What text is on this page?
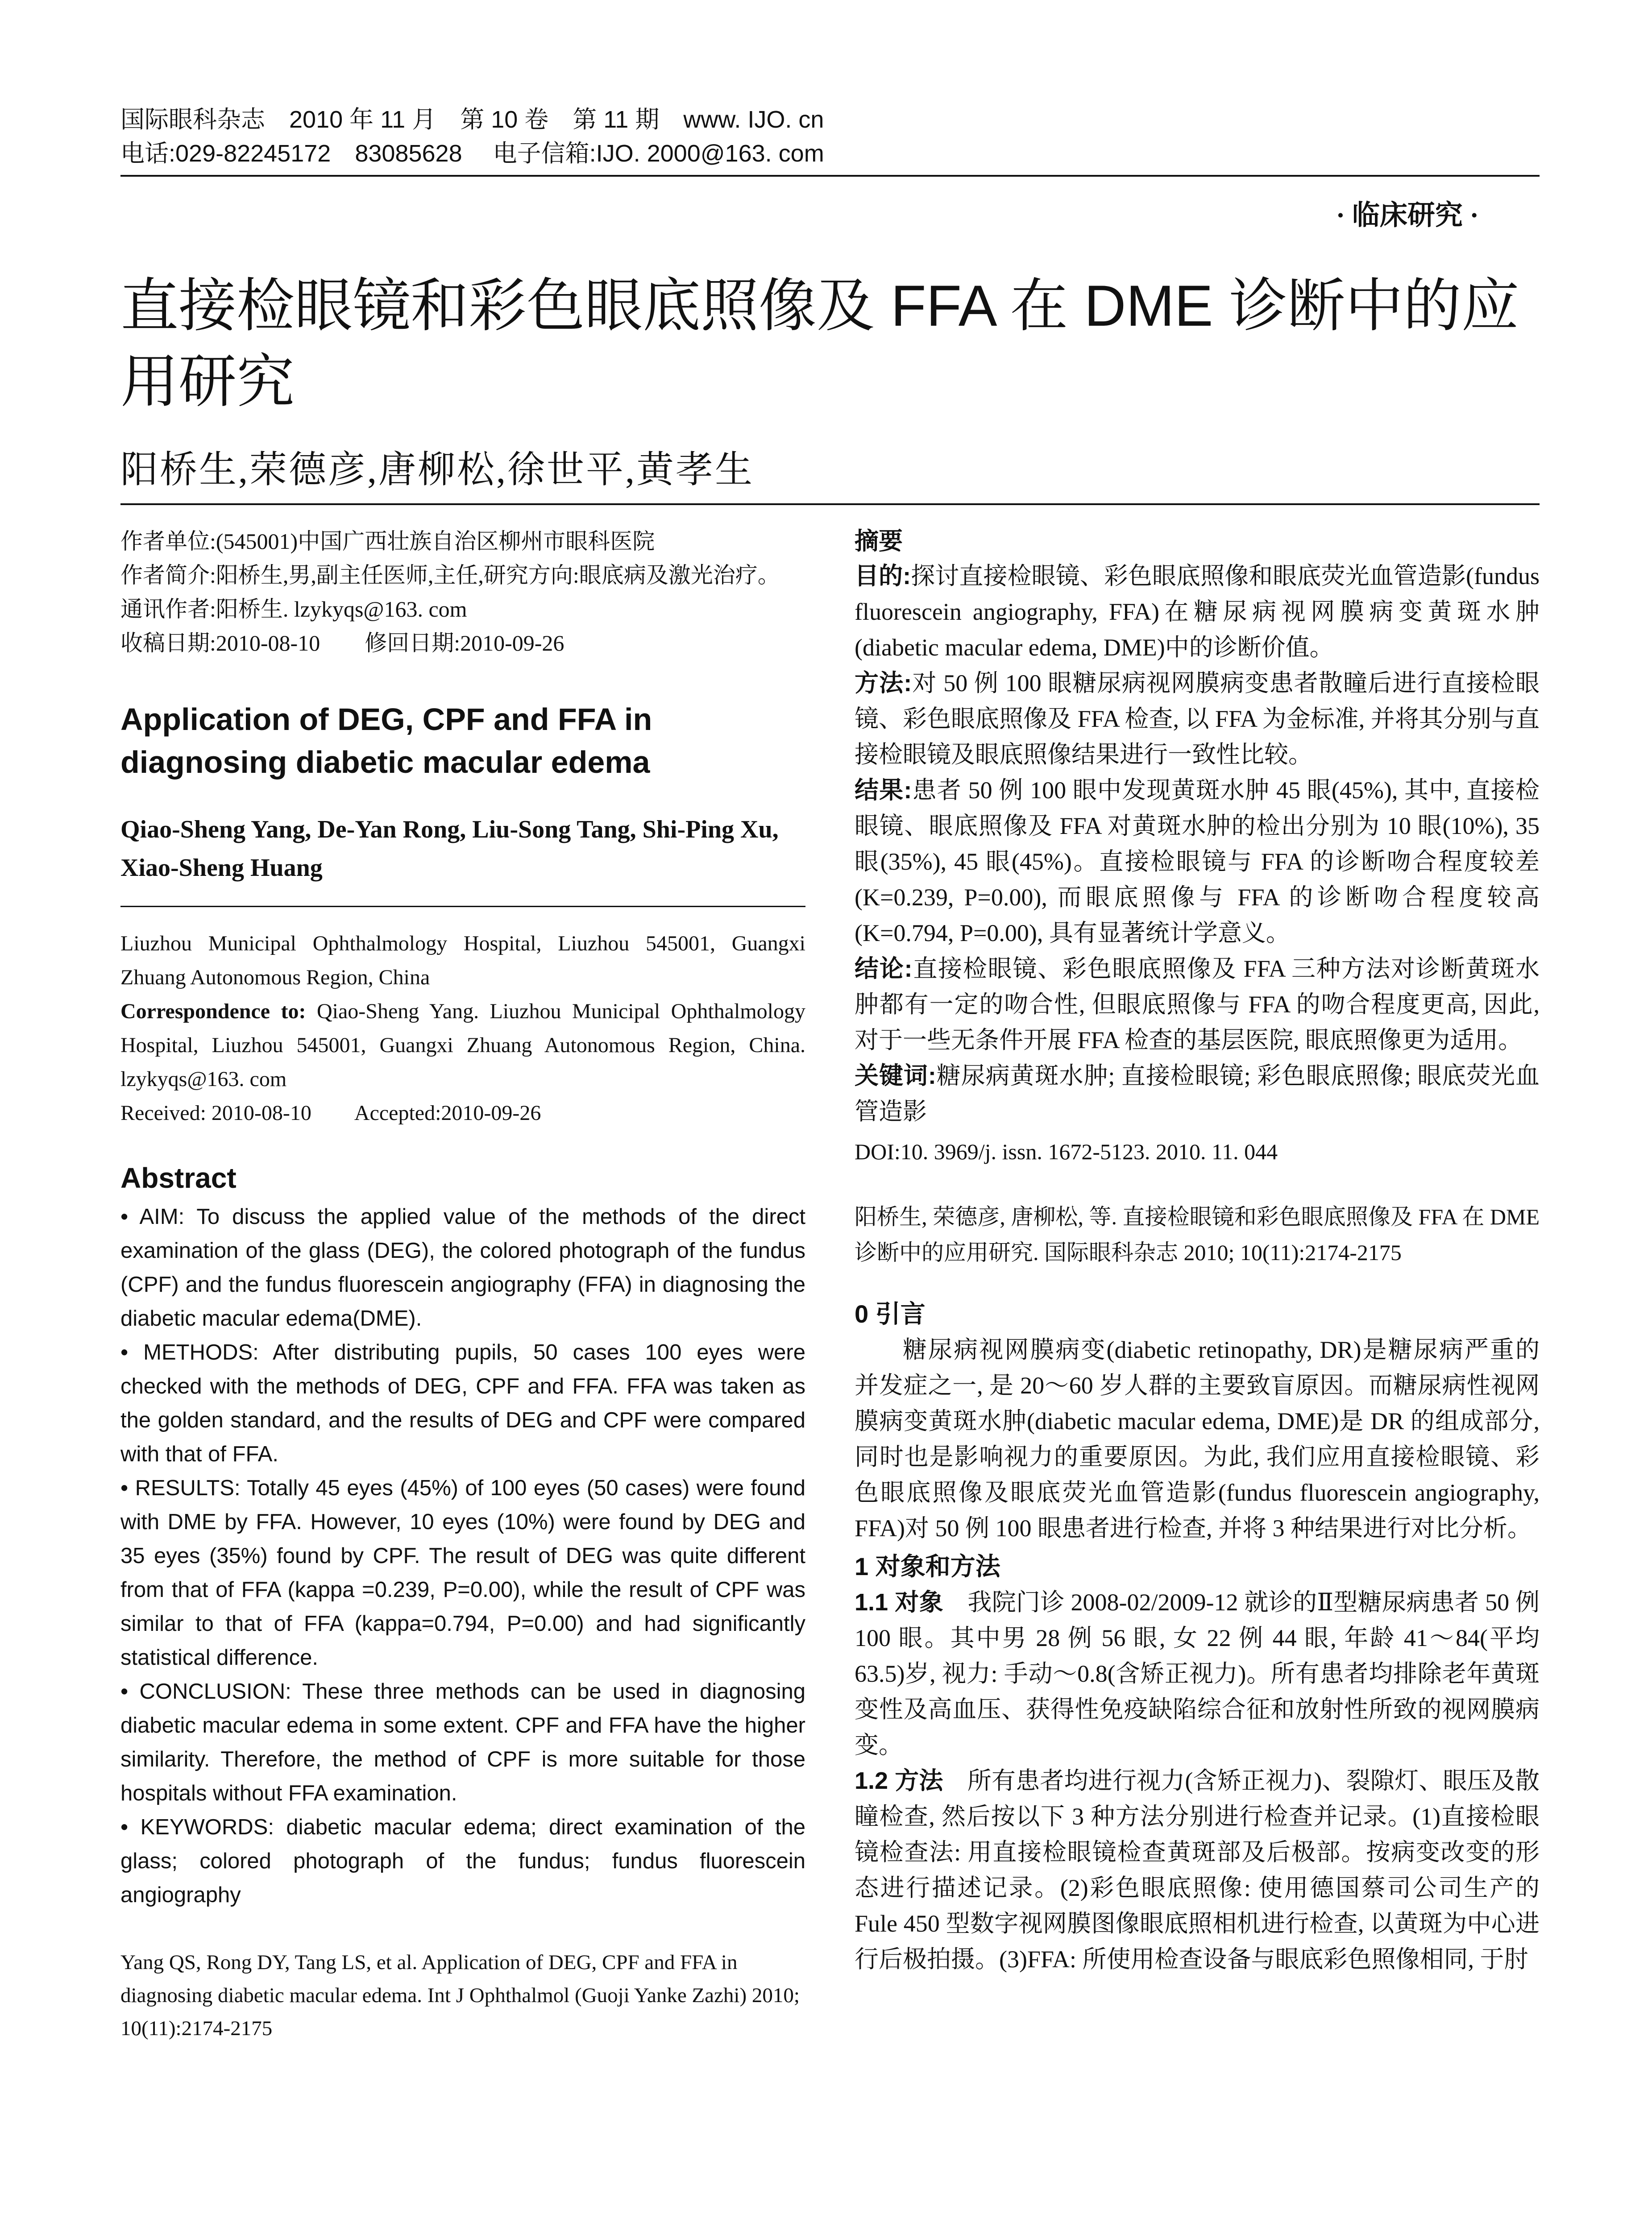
国际眼科杂志　2010 年 11 月　第 10 卷　第 11 期　www. IJO. cn
电话:029-82245172　83085628　 电子信箱:IJO. 2000@163. com
· 临床研究 ·
直接检眼镜和彩色眼底照像及 FFA 在 DME 诊断中的应用研究
阳桥生,荣德彦,唐柳松,徐世平,黄孝生

作者单位:(545001)中国广西壮族自治区柳州市眼科医院

作者简介:阳桥生,男,副主任医师,主任,研究方向:眼底病及激光治疗。

通讯作者:阳桥生. lzykyqs@163. com

收稿日期:2010-08-10　　修回日期:2010-09-26

Application of DEG, CPF and FFA in diagnosing diabetic macular edema
Qiao-Sheng Yang, De-Yan Rong, Liu-Song Tang, Shi-Ping Xu, Xiao-Sheng Huang

Liuzhou Municipal Ophthalmology Hospital, Liuzhou 545001, Guangxi Zhuang Autonomous Region, China

Correspondence to: Qiao-Sheng Yang. Liuzhou Municipal Ophthalmology Hospital, Liuzhou 545001, Guangxi Zhuang Autonomous Region, China. lzykyqs@163. com

Received: 2010-08-10　　Accepted:2010-09-26

Abstract

• AIM: To discuss the applied value of the methods of the direct examination of the glass (DEG), the colored photograph of the fundus (CPF) and the fundus fluorescein angiography (FFA) in diagnosing the diabetic macular edema(DME).

• METHODS: After distributing pupils, 50 cases 100 eyes were checked with the methods of DEG, CPF and FFA. FFA was taken as the golden standard, and the results of DEG and CPF were compared with that of FFA.

• RESULTS: Totally 45 eyes (45%) of 100 eyes (50 cases) were found with DME by FFA. However, 10 eyes (10%) were found by DEG and 35 eyes (35%) found by CPF. The result of DEG was quite different from that of FFA (kappa =0.239, P=0.00), while the result of CPF was similar to that of FFA (kappa=0.794, P=0.00) and had significantly statistical difference.

• CONCLUSION: These three methods can be used in diagnosing diabetic macular edema in some extent. CPF and FFA have the higher similarity. Therefore, the method of CPF is more suitable for those hospitals without FFA examination.

• KEYWORDS: diabetic macular edema; direct examination of the glass; colored photograph of the fundus; fundus fluorescein angiography

Yang QS, Rong DY, Tang LS, et al. Application of DEG, CPF and FFA in diagnosing diabetic macular edema. Int J Ophthalmol (Guoji Yanke Zazhi) 2010; 10(11):2174-2175
摘要

目的:探讨直接检眼镜、彩色眼底照像和眼底荧光血管造影(fundus fluorescein angiography, FFA)在糖尿病视网膜病变黄斑水肿(diabetic macular edema, DME)中的诊断价值。

方法:对 50 例 100 眼糖尿病视网膜病变患者散瞳后进行直接检眼镜、彩色眼底照像及 FFA 检查, 以 FFA 为金标准, 并将其分别与直接检眼镜及眼底照像结果进行一致性比较。

结果:患者 50 例 100 眼中发现黄斑水肿 45 眼(45%), 其中, 直接检眼镜、眼底照像及 FFA 对黄斑水肿的检出分别为 10 眼(10%), 35 眼(35%), 45 眼(45%)。直接检眼镜与 FFA 的诊断吻合程度较差(K=0.239, P=0.00), 而眼底照像与 FFA 的诊断吻合程度较高(K=0.794, P=0.00), 具有显著统计学意义。

结论:直接检眼镜、彩色眼底照像及 FFA 三种方法对诊断黄斑水肿都有一定的吻合性, 但眼底照像与 FFA 的吻合程度更高, 因此, 对于一些无条件开展 FFA 检查的基层医院, 眼底照像更为适用。

关键词:糖尿病黄斑水肿; 直接检眼镜; 彩色眼底照像; 眼底荧光血管造影

DOI:10. 3969/j. issn. 1672-5123. 2010. 11. 044
阳桥生, 荣德彦, 唐柳松, 等. 直接检眼镜和彩色眼底照像及 FFA 在 DME 诊断中的应用研究. 国际眼科杂志 2010; 10(11):2174-2175
0 引言

糖尿病视网膜病变(diabetic retinopathy, DR)是糖尿病严重的并发症之一, 是 20～60 岁人群的主要致盲原因。而糖尿病性视网膜病变黄斑水肿(diabetic macular edema, DME)是 DR 的组成部分, 同时也是影响视力的重要原因。为此, 我们应用直接检眼镜、彩色眼底照像及眼底荧光血管造影(fundus fluorescein angiography, FFA)对 50 例 100 眼患者进行检查, 并将 3 种结果进行对比分析。

1 对象和方法

1.1 对象　我院门诊 2008-02/2009-12 就诊的Ⅱ型糖尿病患者 50 例 100 眼。其中男 28 例 56 眼, 女 22 例 44 眼, 年龄 41～84(平均 63.5)岁, 视力: 手动～0.8(含矫正视力)。所有患者均排除老年黄斑变性及高血压、获得性免疫缺陷综合征和放射性所致的视网膜病变。

1.2 方法　所有患者均进行视力(含矫正视力)、裂隙灯、眼压及散瞳检查, 然后按以下 3 种方法分别进行检查并记录。(1)直接检眼镜检查法: 用直接检眼镜检查黄斑部及后极部。按病变改变的形态进行描述记录。(2)彩色眼底照像: 使用德国蔡司公司生产的 Fule 450 型数字视网膜图像眼底照相机进行检查, 以黄斑为中心进行后极拍摄。(3)FFA: 所使用检查设备与眼底彩色照像相同, 于肘
